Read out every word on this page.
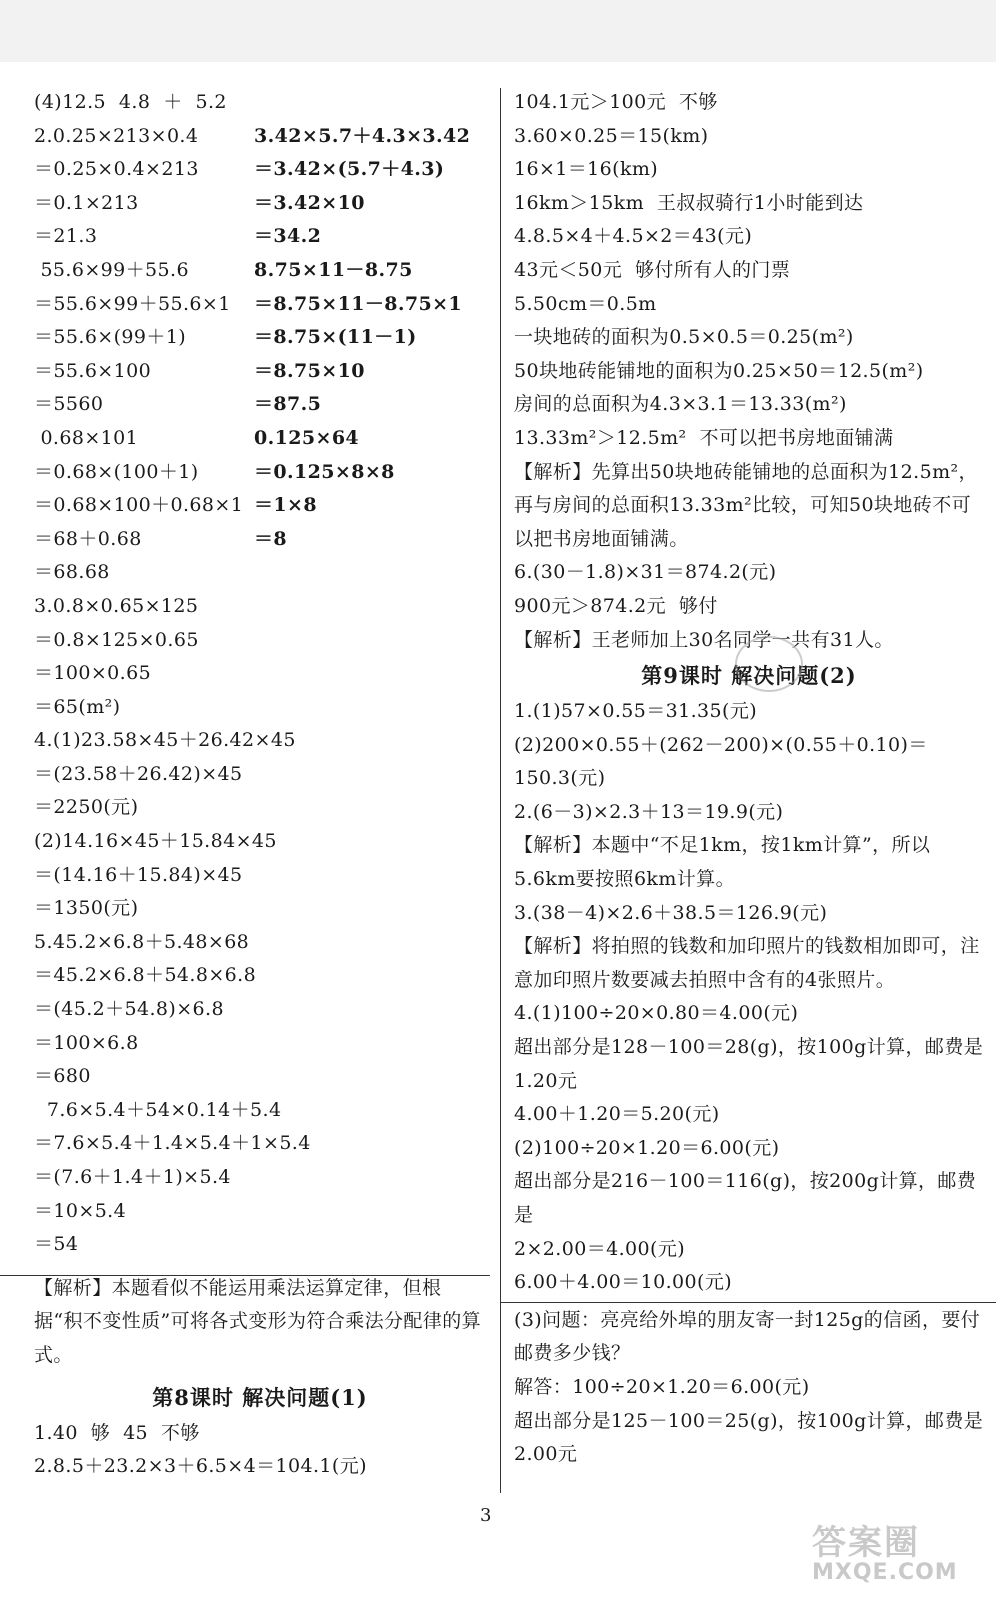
(4)12.5  4.8  ＋  5.2
2.0.25×213×0.4	3.42×5.7＋4.3×3.42
＝0.25×0.4×213	＝3.42×(5.7＋4.3)
＝0.1×213	＝3.42×10
＝21.3	＝34.2
55.6×99＋55.6	8.75×11－8.75
＝55.6×99＋55.6×1	＝8.75×11－8.75×1
＝55.6×(99＋1)	＝8.75×(11－1)
＝55.6×100	＝8.75×10
＝5560	＝87.5
0.68×101	0.125×64
＝0.68×(100＋1)	＝0.125×8×8
＝0.68×100＋0.68×1 ＝1×8
＝68＋0.68	＝8
＝68.68
3.0.8×0.65×125
＝0.8×125×0.65
＝100×0.65
＝65(m²)
4.(1)23.58×45＋26.42×45
＝(23.58＋26.42)×45
＝2250(元)
(2)14.16×45＋15.84×45
＝(14.16＋15.84)×45
＝1350(元)
5.45.2×6.8＋5.48×68
＝45.2×6.8＋54.8×6.8
＝(45.2＋54.8)×6.8
＝100×6.8
＝680
7.6×5.4＋54×0.14＋5.4
＝7.6×5.4＋1.4×5.4＋1×5.4
＝(7.6＋1.4＋1)×5.4
＝10×5.4
＝54
【解析】本题看似不能运用乘法运算定律，但根据“积不变性质”可将各式变形为符合乘法分配律的算式。
第8课时 解决问题(1)
1.40  够  45  不够
2.8.5＋23.2×3＋6.5×4＝104.1(元)
104.1元＞100元  不够
3.60×0.25＝15(km)
16×1＝16(km)
16km＞15km  王叔叔骑行1小时能到达
4.8.5×4＋4.5×2＝43(元)
43元＜50元  够付所有人的门票
5.50cm＝0.5m
一块地砖的面积为0.5×0.5＝0.25(m²)
50块地砖能铺地的面积为0.25×50＝12.5(m²)
房间的总面积为4.3×3.1＝13.33(m²)
13.33m²＞12.5m²  不可以把书房地面铺满
【解析】先算出50块地砖能铺地的总面积为12.5m²，再与房间的总面积13.33m²比较，可知50块地砖不可以把书房地面铺满。
6.(30－1.8)×31＝874.2(元)
900元＞874.2元  够付
【解析】王老师加上30名同学一共有31人。
第9课时 解决问题(2)
1.(1)57×0.55＝31.35(元)
(2)200×0.55＋(262－200)×(0.55＋0.10)＝150.3(元)
2.(6－3)×2.3＋13＝19.9(元)
【解析】本题中“不足1km，按1km计算”，所以5.6km要按照6km计算。
3.(38－4)×2.6＋38.5＝126.9(元)
【解析】将拍照的钱数和加印照片的钱数相加即可，注意加印照片数要减去拍照中含有的4张照片。
4.(1)100÷20×0.80＝4.00(元)
超出部分是128－100＝28(g)，按100g计算，邮费是1.20元
4.00＋1.20＝5.20(元)
(2)100÷20×1.20＝6.00(元)
超出部分是216－100＝116(g)，按200g计算，邮费是
2×2.00＝4.00(元)
6.00＋4.00＝10.00(元)
(3)问题：亮亮给外埠的朋友寄一封125g的信函，要付邮费多少钱？
解答：100÷20×1.20＝6.00(元)
超出部分是125－100＝25(g)，按100g计算，邮费是2.00元
3
答案圈
MXQE.COM
